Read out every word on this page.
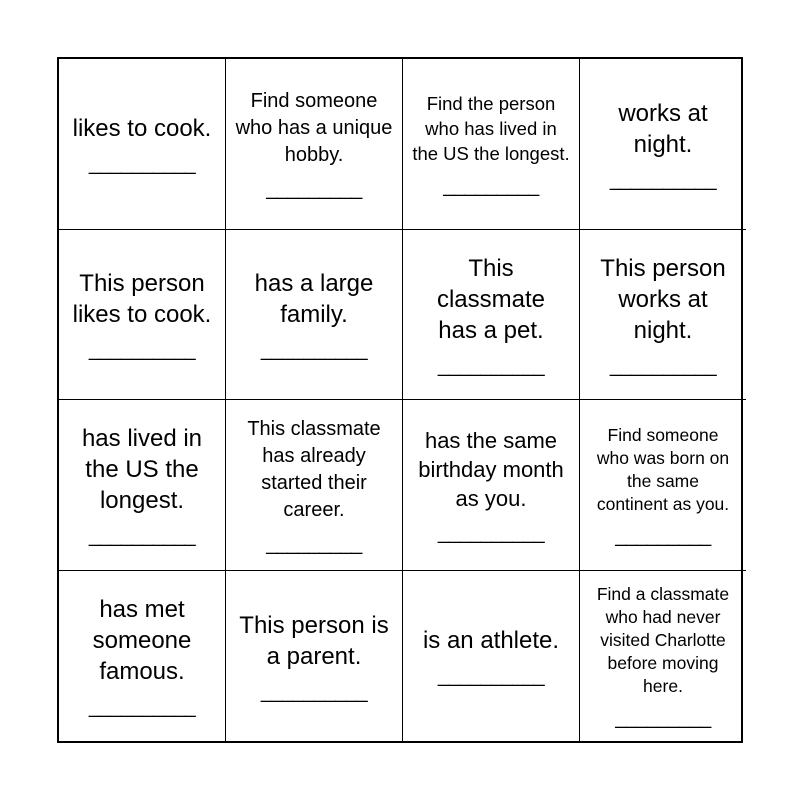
likes to cook.
__________
Find someone who has a unique hobby.
_________
Find the person who has lived in the US the longest.
_________
works at night.
__________
This person likes to cook.
__________
has a large family.
__________
This classmate has a pet.
__________
This person works at night.
__________
has lived in the US the longest.
__________
This classmate has already started their career.
_________
has the same birthday month as you.
__________
Find someone who was born on the same continent as you.
_________
has met someone famous.
__________
This person is a parent.
__________
is an athlete.
__________
Find a classmate who had never visited Charlotte before moving here.
_________
